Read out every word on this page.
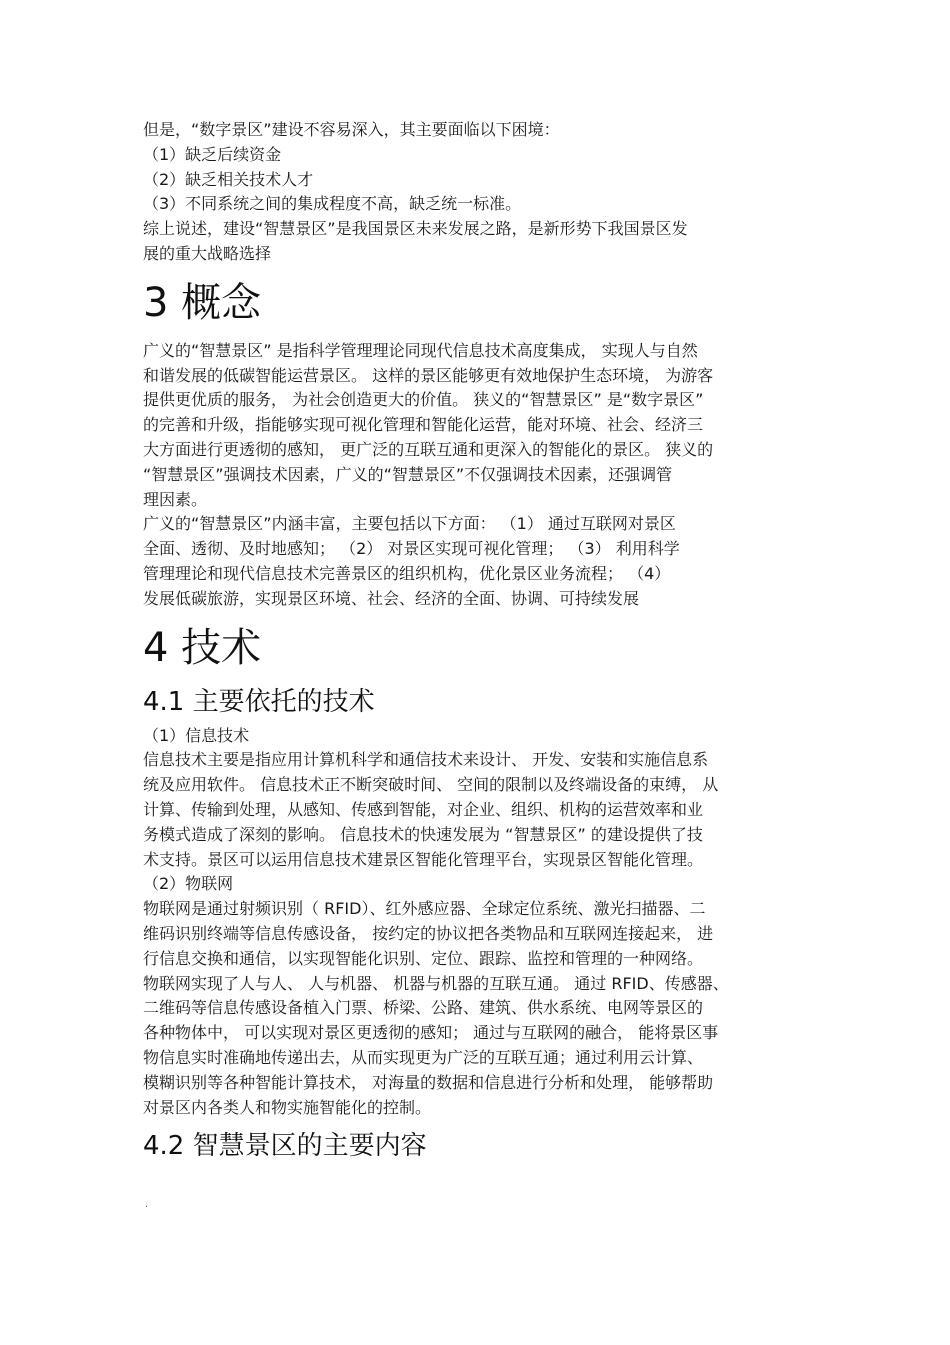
但是，“数字景区”建设不容易深入，其主要面临以下困境：
（1）缺乏后续资金
（2）缺乏相关技术人才
（3）不同系统之间的集成程度不高，缺乏统一标准。
综上说述，建设“智慧景区”是我国景区未来发展之路，是新形势下我国景区发
展的重大战略选择
3 概念
广义的“智慧景区” 是指科学管理理论同现代信息技术高度集成， 实现人与自然
和谐发展的低碳智能运营景区。 这样的景区能够更有效地保护生态环境， 为游客
提供更优质的服务， 为社会创造更大的价值。 狭义的“智慧景区” 是“数字景区”
的完善和升级，指能够实现可视化管理和智能化运营，能对环境、社会、经济三
大方面进行更透彻的感知， 更广泛的互联互通和更深入的智能化的景区。 狭义的
“智慧景区”强调技术因素，广义的“智慧景区”不仅强调技术因素，还强调管
理因素。
广义的“智慧景区”内涵丰富，主要包括以下方面： （1） 通过互联网对景区
全面、透彻、及时地感知； （2） 对景区实现可视化管理； （3） 利用科学
管理理论和现代信息技术完善景区的组织机构，优化景区业务流程； （4）
发展低碳旅游，实现景区环境、社会、经济的全面、协调、可持续发展
4 技术
4.1 主要依托的技术
（1）信息技术
信息技术主要是指应用计算机科学和通信技术来设计、 开发、安装和实施信息系
统及应用软件。 信息技术正不断突破时间、 空间的限制以及终端设备的束缚， 从
计算、传输到处理，从感知、传感到智能，对企业、组织、机构的运营效率和业
务模式造成了深刻的影响。 信息技术的快速发展为 “智慧景区” 的建设提供了技
术支持。景区可以运用信息技术建景区智能化管理平台，实现景区智能化管理。
（2）物联网
物联网是通过射频识别（ RFID）、红外感应器、全球定位系统、激光扫描器、二
维码识别终端等信息传感设备， 按约定的协议把各类物品和互联网连接起来， 进
行信息交换和通信，以实现智能化识别、定位、跟踪、监控和管理的一种网络。
物联网实现了人与人、 人与机器、 机器与机器的互联互通。 通过 RFID、传感器、
二维码等信息传感设备植入门票、桥梁、公路、建筑、供水系统、电网等景区的
各种物体中， 可以实现对景区更透彻的感知； 通过与互联网的融合， 能将景区事
物信息实时准确地传递出去，从而实现更为广泛的互联互通；通过利用云计算、
模糊识别等各种智能计算技术， 对海量的数据和信息进行分析和处理， 能够帮助
对景区内各类人和物实施智能化的控制。
4.2 智慧景区的主要内容
.
